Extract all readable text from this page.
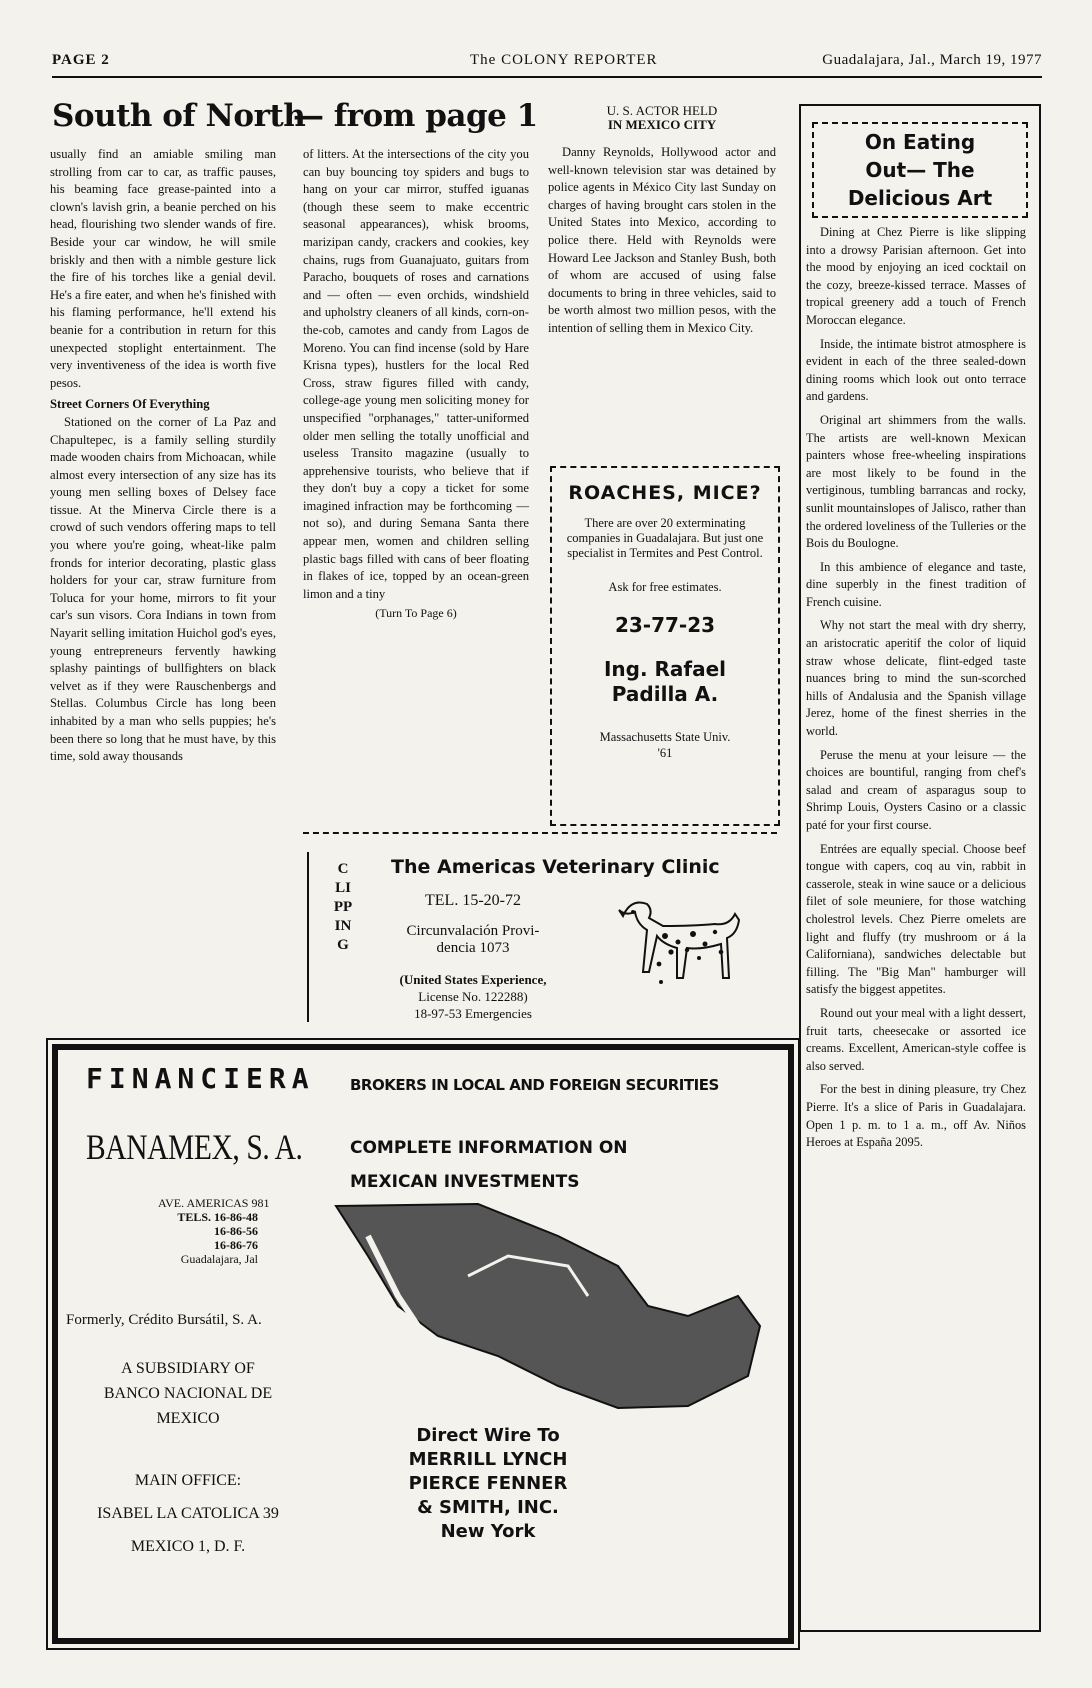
PAGE 2	The COLONY REPORTER	Guadalajara, Jal., March 19, 1977
South of North
— from page 1

usually find an amiable smiling man strolling from car to car, as traffic pauses, his beaming face grease-painted into a clown's lavish grin, a beanie perched on his head, flourishing two slender wands of fire. Beside your car window, he will smile briskly and then with a nimble gesture lick the fire of his torches like a genial devil. He's a fire eater, and when he's finished with his flaming performance, he'll extend his beanie for a contribution in return for this unexpected stoplight entertainment. The very inventiveness of the idea is worth five pesos.

Street Corners Of Everything

Stationed on the corner of La Paz and Chapultepec, is a family selling sturdily made wooden chairs from Michoacan, while almost every intersection of any size has its young men selling boxes of Delsey face tissue. At the Minerva Circle there is a crowd of such vendors offering maps to tell you where you're going, wheat-like palm fronds for interior decorating, plastic glass holders for your car, straw furniture from Toluca for your home, mirrors to fit your car's sun visors. Cora Indians in town from Nayarit selling imitation Huichol god's eyes, young entrepreneurs fervently hawking splashy paintings of bullfighters on black velvet as if they were Rauschenbergs and Stellas. Columbus Circle has long been inhabited by a man who sells puppies; he's been there so long that he must have, by this time, sold away thousands

of litters. At the intersections of the city you can buy bouncing toy spiders and bugs to hang on your car mirror, stuffed iguanas (though these seem to make eccentric seasonal appearances), whisk brooms, marizipan candy, crackers and cookies, key chains, rugs from Guanajuato, guitars from Paracho, bouquets of roses and carnations and — often — even orchids, windshield and upholstry cleaners of all kinds, corn-on-the-cob, camotes and candy from Lagos de Moreno. You can find incense (sold by Hare Krisna types), hustlers for the local Red Cross, straw figures filled with candy, college-age young men soliciting money for unspecified "orphanages," tatter-uniformed older men selling the totally unofficial and useless Transito magazine (usually to apprehensive tourists, who believe that if they don't buy a copy a ticket for some imagined infraction may be forthcoming — not so), and during Semana Santa there appear men, women and children selling plastic bags filled with cans of beer floating in flakes of ice, topped by an ocean-green limon and a tiny

(Turn To Page 6)

U. S. ACTOR HELD
IN MEXICO CITY

Danny Reynolds, Hollywood actor and well-known television star was detained by police agents in México City last Sunday on charges of having brought cars stolen in the United States into Mexico, according to police there. Held with Reynolds were Howard Lee Jackson and Stanley Bush, both of whom are accused of using false documents to bring in three vehicles, said to be worth almost two million pesos, with the intention of selling them in Mexico City.

ROACHES, MICE?
There are over 20 exterminating companies in Guadalajara. But just one specialist in Termites and Pest Control.
Ask for free estimates.
23-77-23
Ing. Rafael
Padilla A.
Massachusetts State Univ.
'61
CLIPPING
The Americas Veterinary Clinic
TEL. 15-20-72
Circunvalación Provi-
dencia 1073
(United States Experience,
License No. 122288)
18-97-53 Emergencies
On Eating
Out— The
Delicious Art

Dining at Chez Pierre is like slipping into a drowsy Parisian afternoon. Get into the mood by enjoying an iced cocktail on the cozy, breeze-kissed terrace. Masses of tropical greenery add a touch of French Moroccan elegance.

Inside, the intimate bistrot atmosphere is evident in each of the three sealed-down dining rooms which look out onto terrace and gardens.

Original art shimmers from the walls. The artists are well-known Mexican painters whose free-wheeling inspirations are most likely to be found in the vertiginous, tumbling barrancas and rocky, sunlit mountainslopes of Jalisco, rather than the ordered loveliness of the Tulleries or the Bois du Boulogne.

In this ambience of elegance and taste, dine superbly in the finest tradition of French cuisine.

Why not start the meal with dry sherry, an aristocratic aperitif the color of liquid straw whose delicate, flint-edged taste nuances bring to mind the sun-scorched hills of Andalusia and the Spanish village Jerez, home of the finest sherries in the world.

Peruse the menu at your leisure — the choices are bountiful, ranging from chef's salad and cream of asparagus soup to Shrimp Louis, Oysters Casino or a classic paté for your first course.

Entrées are equally special. Choose beef tongue with capers, coq au vin, rabbit in casserole, steak in wine sauce or a delicious filet of sole meuniere, for those watching cholestrol levels. Chez Pierre omelets are light and fluffy (try mushroom or á la Californiana), sandwiches delectable but filling. The "Big Man" hamburger will satisfy the biggest appetites.

Round out your meal with a light dessert, fruit tarts, cheesecake or assorted ice creams. Excellent, American-style coffee is also served.

For the best in dining pleasure, try Chez Pierre. It's a slice of Paris in Guadalajara. Open 1 p. m. to 1 a. m., off Av. Niños Heroes at España 2095.

FINANCIERA BROKERS IN LOCAL AND FOREIGN SECURITIES
BANAMEX, S. A.	COMPLETE INFORMATION ON
MEXICAN INVESTMENTS
AVE. AMERICAS 981
TELS. 16-86-48
16-86-56
16-86-76
Guadalajara, Jal
Formerly, Crédito Bursátil, S. A.
A SUBSIDIARY OF
BANCO NACIONAL DE
MEXICO
MAIN OFFICE:
ISABEL LA CATOLICA 39
MEXICO 1, D. F.
Direct Wire To
MERRILL LYNCH
PIERCE FENNER
& SMITH, INC.
New York
